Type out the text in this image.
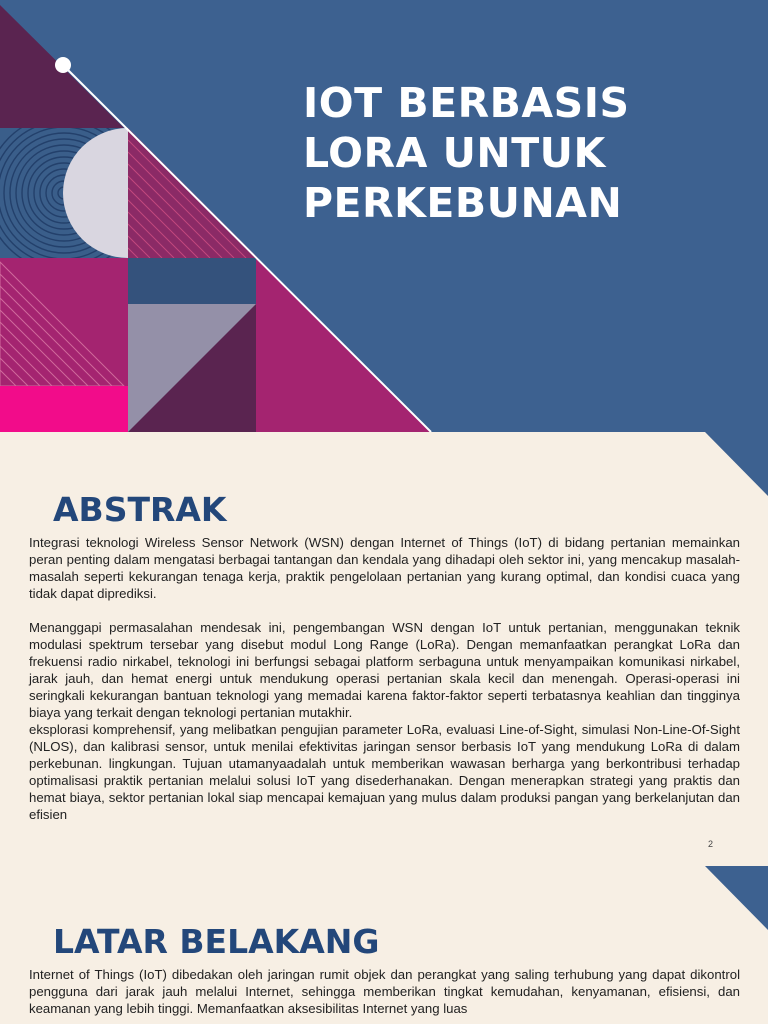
IOT BERBASIS
LORA UNTUK
PERKEBUNAN
ABSTRAK

Integrasi teknologi Wireless Sensor Network (WSN) dengan Internet of Things (IoT) di bidang pertanian memainkan peran penting dalam mengatasi berbagai tantangan dan kendala yang dihadapi oleh sektor ini, yang mencakup masalah-masalah seperti kekurangan tenaga kerja, praktik pengelolaan pertanian yang kurang optimal, dan kondisi cuaca yang tidak dapat diprediksi.

Menanggapi permasalahan mendesak ini, pengembangan WSN dengan IoT untuk pertanian, menggunakan teknik modulasi spektrum tersebar yang disebut modul Long Range (LoRa). Dengan memanfaatkan perangkat LoRa dan frekuensi radio nirkabel, teknologi ini berfungsi sebagai platform serbaguna untuk menyampaikan komunikasi nirkabel, jarak jauh, dan hemat energi untuk mendukung operasi pertanian skala kecil dan menengah. Operasi-operasi ini seringkali kekurangan bantuan teknologi yang memadai karena faktor-faktor seperti terbatasnya keahlian dan tingginya biaya yang terkait dengan teknologi pertanian mutakhir.

eksplorasi komprehensif, yang melibatkan pengujian parameter LoRa, evaluasi Line-of-Sight, simulasi Non-Line-Of-Sight (NLOS), dan kalibrasi sensor, untuk menilai efektivitas jaringan sensor berbasis IoT yang mendukung LoRa di dalam perkebunan. lingkungan. Tujuan utamanyaadalah untuk memberikan wawasan berharga yang berkontribusi terhadap optimalisasi praktik pertanian melalui solusi IoT yang disederhanakan. Dengan menerapkan strategi yang praktis dan hemat biaya, sektor pertanian lokal siap mencapai kemajuan yang mulus dalam produksi pangan yang berkelanjutan dan efisien

2
LATAR BELAKANG

Internet of Things (IoT) dibedakan oleh jaringan rumit objek dan perangkat yang saling terhubung yang dapat dikontrol pengguna dari jarak jauh melalui Internet, sehingga memberikan tingkat kemudahan, kenyamanan, efisiensi, dan keamanan yang lebih tinggi. Memanfaatkan aksesibilitas Internet yang luas
